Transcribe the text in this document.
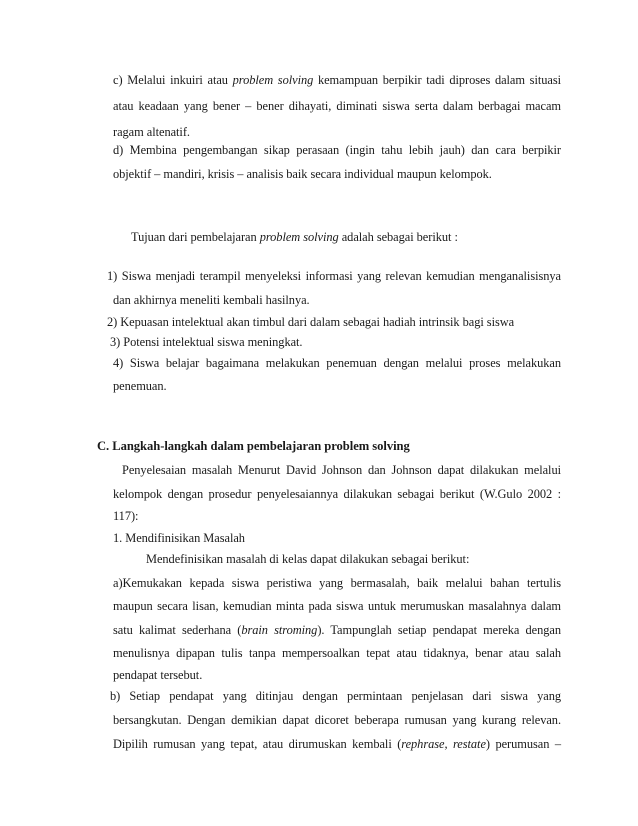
c) Melalui inkuiri atau problem solving kemampuan berpikir tadi diproses dalam situasi
atau keadaan yang bener – bener dihayati, diminati siswa serta dalam berbagai macam
ragam altenatif.
d) Membina pengembangan sikap perasaan (ingin tahu lebih jauh) dan cara berpikir
objektif – mandiri, krisis – analisis baik secara individual maupun kelompok.
Tujuan dari pembelajaran problem solving adalah sebagai berikut :
1) Siswa menjadi terampil menyeleksi informasi yang relevan kemudian menganalisisnya
dan akhirnya meneliti kembali hasilnya.
2) Kepuasan intelektual akan timbul dari dalam sebagai hadiah intrinsik bagi siswa
3) Potensi intelektual siswa meningkat.
4) Siswa belajar bagaimana melakukan penemuan dengan melalui proses melakukan
penemuan.
C. Langkah-langkah dalam pembelajaran problem solving
Penyelesaian masalah Menurut David Johnson dan Johnson dapat dilakukan melalui
kelompok dengan prosedur penyelesaiannya dilakukan sebagai berikut (W.Gulo 2002 :
117):
1. Mendifinisikan Masalah
Mendefinisikan masalah di kelas dapat dilakukan sebagai berikut:
a)Kemukakan kepada siswa peristiwa yang bermasalah, baik melalui bahan tertulis
maupun secara lisan, kemudian minta pada siswa untuk merumuskan masalahnya dalam
satu kalimat sederhana (brain stroming). Tampunglah setiap pendapat mereka dengan
menulisnya dipapan tulis tanpa mempersoalkan tepat atau tidaknya, benar atau salah
pendapat tersebut.
b) Setiap pendapat yang ditinjau dengan permintaan penjelasan dari siswa yang
bersangkutan. Dengan demikian dapat dicoret beberapa rumusan yang kurang relevan.
Dipilih rumusan yang tepat, atau dirumuskan kembali (rephrase, restate) perumusan –
